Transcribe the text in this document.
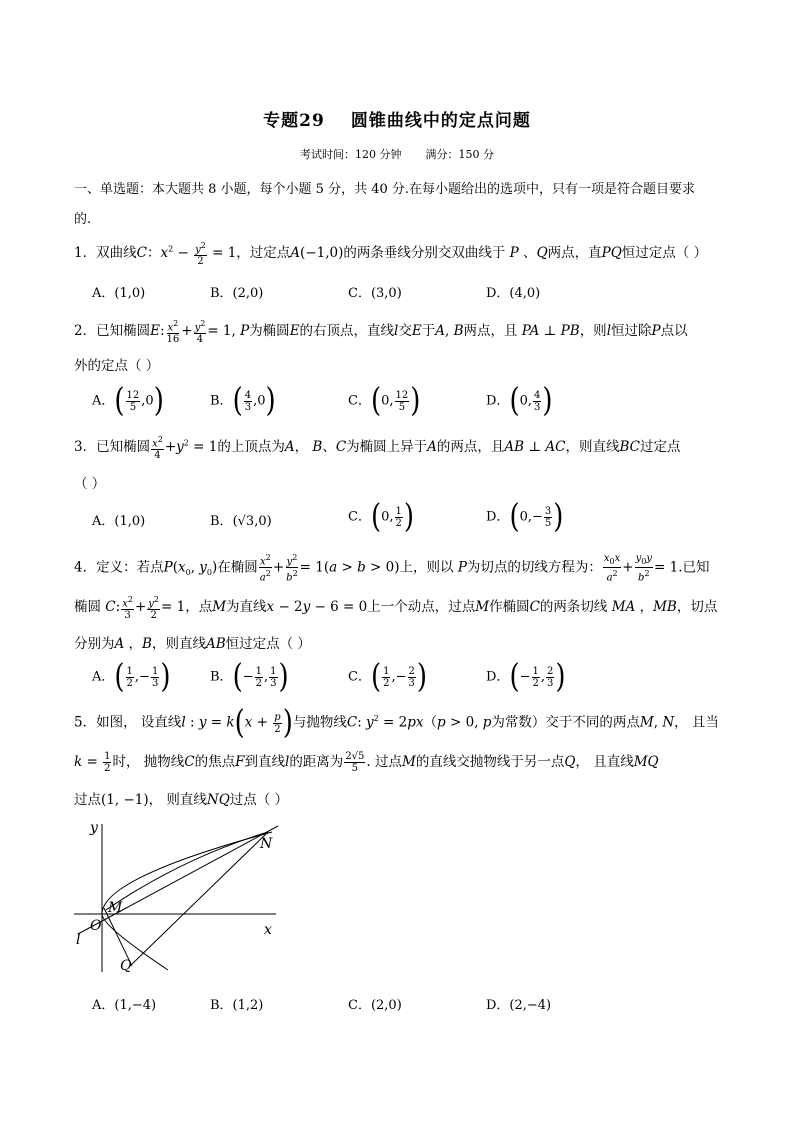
专题29 圆锥曲线中的定点问题
考试时间：120 分钟 满分：150 分
一、单选题：本大题共 8 小题，每个小题 5 分，共 40 分.在每小题给出的选项中，只有一项是符合题目要求
的.
1．双曲线C：$x^2 - \frac{y^2}{2} = 1$，过定点A(−1,0)的两条垂线分别交双曲线于 P 、Q两点，直PQ恒过定点（ ）
A．(1,0)	B．(2,0)	C．(3,0)	D．(4,0)
2．已知椭圆E: $\frac{x^2}{16} + \frac{y^2}{4} = 1$, P为椭圆E的右顶点，直线l交E于A, B两点，且 PA ⊥ PB，则l恒过除P点以
外的定点（ ）
A．( $\frac{12}{5} ,0$)	B．( $\frac{4}{3} ,0$)	C．(0, $\frac{12}{5}$ )	D．(0, $\frac{4}{3}$ )
3．已知椭圆 $\frac{x^2}{4} +y^2 = 1$的上顶点为A， B、C为椭圆上异于A的两点，且AB ⊥ AC，则直线BC过定点
（ ）
A．(1,0)	B．(√3,0)	C．(0, $\frac{1}{2}$ )	D．($0,- \frac{3}{5}$ )
4．定义：若点$P(x_0$, $y_0$)在椭圆 $\frac{x^2}{a^2} + \frac{y^2}{b^2} = 1(a > b > 0)$上，则以 P为切点的切线方程为： $\frac{x_0x}{a^2} + \frac{y_0y}{b^2} = 1$.已知
椭圆 C: $\frac{x^2}{3} + \frac{y^2}{2} = 1$，点M为直线x − 2y − 6 = 0上一个动点，过点M作椭圆C的两条切线 MA ，MB，切点
分别为A ，B，则直线AB恒过定点（ ）
A．( $\frac{1}{2}$ ,− $\frac{1}{3}$ )	B．(− $\frac{1}{2}$ , $\frac{1}{3}$ )	C．( $\frac{1}{2}$ ,− $\frac{2}{3}$ )	D．(− $\frac{1}{2}$ , $\frac{2}{3}$ )
5．如图， 设直线l : $y = k(x + \frac{p}{2}$ )与抛物线C: $y^2 = 2px(p > 0$, p为常数）交于不同的两点M, N， 且当
$k = \frac{1}{2}$ 时， 抛物线C的焦点F到直线l的距离为 $\frac{2√5}{5}$ . 过点M的直线交抛物线于另一点Q， 且直线MQ
过点(1, −1)， 则直线NQ过点（ ）
y
x
O
M
N
Q
l
A．(1,−4)	B．(1,2)	C．(2,0)	D．(2,−4)
